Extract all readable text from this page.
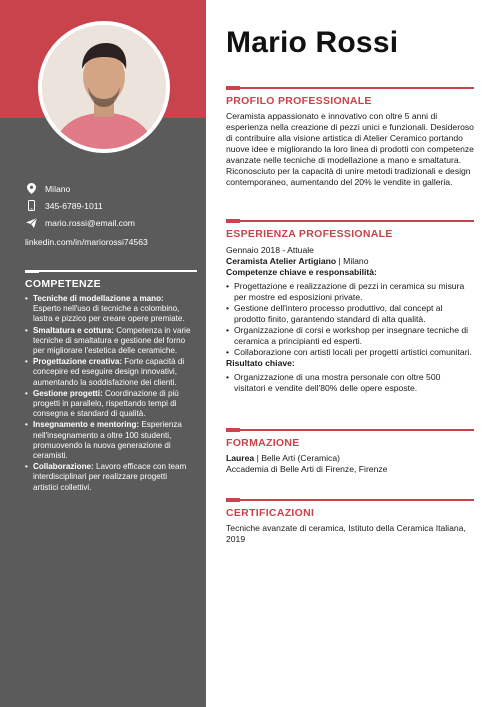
Milano
345-6789-1011
mario.rossi@email.com
linkedin.com/in/mariorossi74563
COMPETENZE
• Tecniche di modellazione a mano: Esperto nell'uso di tecniche a colombino, lastra e pizzico per creare opere premiate.
• Smaltatura e cottura: Competenza in varie tecniche di smaltatura e gestione del forno per migliorare l'estetica delle ceramiche.
• Progettazione creativa: Forte capacità di concepire ed eseguire design innovativi, aumentando la soddisfazione dei clienti.
• Gestione progetti: Coordinazione di più progetti in parallelo, rispettando tempi di consegna e standard di qualità.
• Insegnamento e mentoring: Esperienza nell'insegnamento a oltre 100 studenti, promuovendo la nuova generazione di ceramisti.
• Collaborazione: Lavoro efficace con team interdisciplinari per realizzare progetti artistici collettivi.
Mario Rossi
PROFILO PROFESSIONALE

Ceramista appassionato e innovativo con oltre 5 anni di esperienza nella creazione di pezzi unici e funzionali. Desideroso di contribuire alla visione artistica di Atelier Ceramico portando nuove idee e migliorando la loro linea di prodotti con competenze avanzate nelle tecniche di modellazione a mano e smaltatura. Riconosciuto per la capacità di unire metodi tradizionali e design contemporaneo, aumentando del 20% le vendite in galleria.

ESPERIENZA PROFESSIONALE

Gennaio 2018 - Attuale

Ceramista Atelier Artigiano | Milano

Competenze chiave e responsabilità:

• Progettazione e realizzazione di pezzi in ceramica su misura per mostre ed esposizioni private.
• Gestione dell'intero processo produttivo, dal concept al prodotto finito, garantendo standard di alta qualità.
• Organizzazione di corsi e workshop per insegnare tecniche di ceramica a principianti ed esperti.
• Collaborazione con artisti locali per progetti artistici comunitari.

Risultato chiave:

• Organizzazione di una mostra personale con oltre 500 visitatori e vendite dell'80% delle opere esposte.
FORMAZIONE

Laurea | Belle Arti (Ceramica)

Accademia di Belle Arti di Firenze, Firenze

CERTIFICAZIONI

Tecniche avanzate di ceramica, Istituto della Ceramica Italiana, 2019
